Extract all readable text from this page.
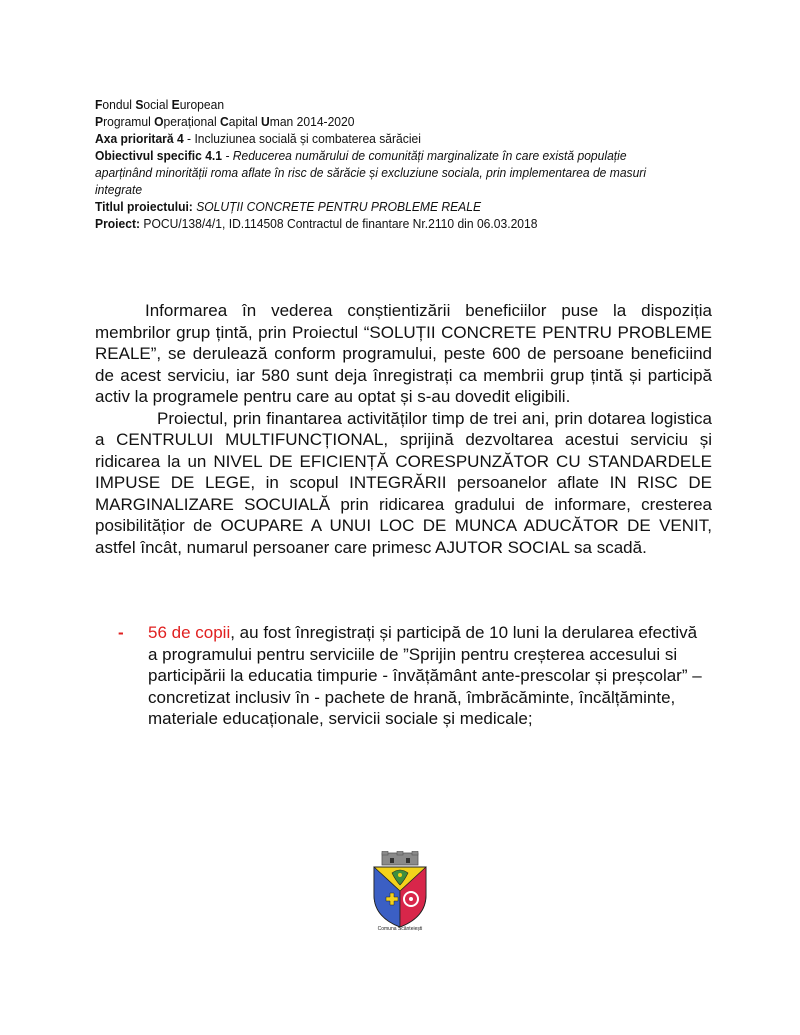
Fondul Social European
Programul Operațional Capital Uman 2014-2020
Axa prioritară 4 - Incluziunea socială și combaterea sărăciei
Obiectivul specific 4.1 - Reducerea numărului de comunități marginalizate în care există populație aparținând minorității roma aflate în risc de sărăcie și excluziune sociala, prin implementarea de masuri integrate
Titlul proiectului: SOLUȚII CONCRETE PENTRU PROBLEME REALE
Proiect: POCU/138/4/1, ID.114508 Contractul de finantare Nr.2110 din 06.03.2018

Informarea în vederea conștientizării beneficiilor puse la dispoziția membrilor grup țintă, prin Proiectul “SOLUȚII CONCRETE PENTRU PROBLEME REALE”, se derulează conform programului, peste 600 de persoane beneficiind de acest serviciu, iar 580 sunt deja înregistrați ca membrii grup țintă și participă activ la programele pentru care au optat și s-au dovedit eligibili.

Proiectul, prin finantarea activităților timp de trei ani, prin dotarea logistica a CENTRULUI MULTIFUNCȚIONAL, sprijină dezvoltarea acestui serviciu și ridicarea la un NIVEL DE EFICIENȚĂ CORESPUNZĂTOR CU STANDARDELE IMPUSE DE LEGE, in scopul INTEGRĂRII persoanelor aflate IN RISC DE MARGINALIZARE SOCUIALĂ prin ridicarea gradului de informare, cresterea posibilitățior de OCUPARE A UNUI LOC DE MUNCA ADUCĂTOR DE VENIT, astfel încât, numarul persoaner care primesc AJUTOR SOCIAL sa scadă.

- 56 de copii, au fost înregistrați și participă de 10 luni la derularea efectivă a programului pentru serviciile de ”Sprijin pentru creșterea accesului si participării la educatia timpurie - învățământ ante-prescolar și preșcolar” –concretizat inclusiv în - pachete de hrană, îmbrăcăminte, încălțăminte, materiale educaționale, servicii sociale și medicale;
Comuna Scânteiești
